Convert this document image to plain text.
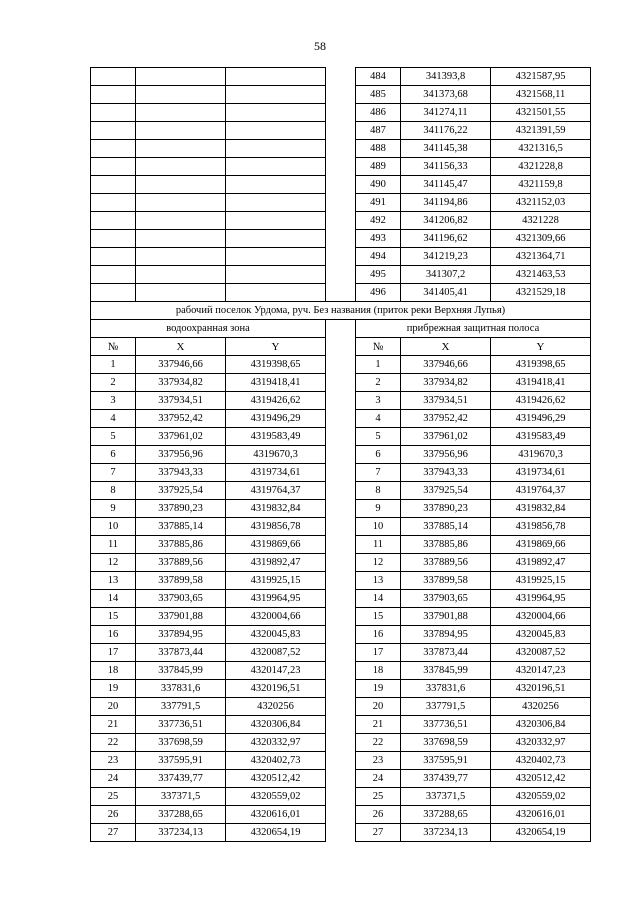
58
				484	341393,8	4321587,95
				485	341373,68	4321568,11
				486	341274,11	4321501,55
				487	341176,22	4321391,59
				488	341145,38	4321316,5
				489	341156,33	4321228,8
				490	341145,47	4321159,8
				491	341194,86	4321152,03
				492	341206,82	4321228
				493	341196,62	4321309,66
				494	341219,23	4321364,71
				495	341307,2	4321463,53
				496	341405,41	4321529,18
рабочий поселок Урдома, руч. Без названия (приток реки Верхняя Лупья)						
водоохранная зона				прибрежная защитная полоса		
№	X	Y		№	X	Y
1	337946,66	4319398,65		1	337946,66	4319398,65
2	337934,82	4319418,41		2	337934,82	4319418,41
3	337934,51	4319426,62		3	337934,51	4319426,62
4	337952,42	4319496,29		4	337952,42	4319496,29
5	337961,02	4319583,49		5	337961,02	4319583,49
6	337956,96	4319670,3		6	337956,96	4319670,3
7	337943,33	4319734,61		7	337943,33	4319734,61
8	337925,54	4319764,37		8	337925,54	4319764,37
9	337890,23	4319832,84		9	337890,23	4319832,84
10	337885,14	4319856,78		10	337885,14	4319856,78
11	337885,86	4319869,66		11	337885,86	4319869,66
12	337889,56	4319892,47		12	337889,56	4319892,47
13	337899,58	4319925,15		13	337899,58	4319925,15
14	337903,65	4319964,95		14	337903,65	4319964,95
15	337901,88	4320004,66		15	337901,88	4320004,66
16	337894,95	4320045,83		16	337894,95	4320045,83
17	337873,44	4320087,52		17	337873,44	4320087,52
18	337845,99	4320147,23		18	337845,99	4320147,23
19	337831,6	4320196,51		19	337831,6	4320196,51
20	337791,5	4320256		20	337791,5	4320256
21	337736,51	4320306,84		21	337736,51	4320306,84
22	337698,59	4320332,97		22	337698,59	4320332,97
23	337595,91	4320402,73		23	337595,91	4320402,73
24	337439,77	4320512,42		24	337439,77	4320512,42
25	337371,5	4320559,02		25	337371,5	4320559,02
26	337288,65	4320616,01		26	337288,65	4320616,01
27	337234,13	4320654,19		27	337234,13	4320654,19
